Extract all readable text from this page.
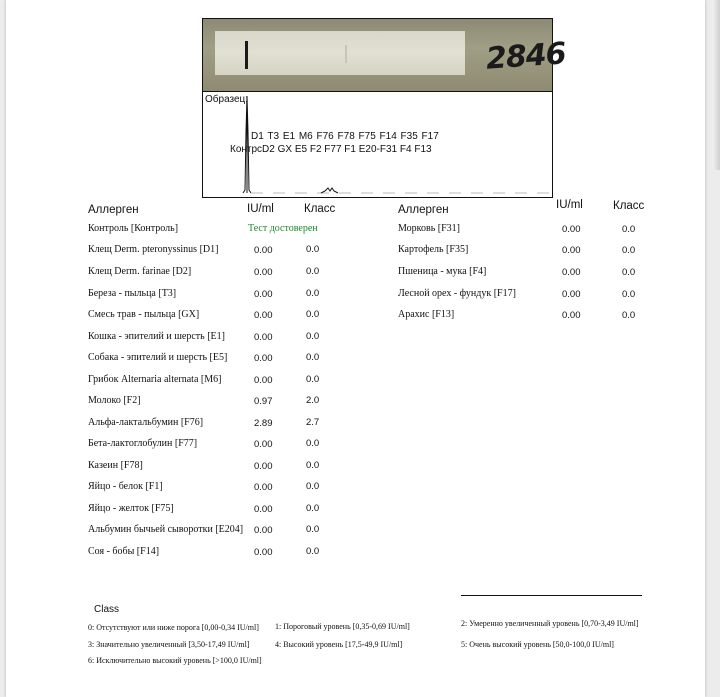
2846
Образец:
D1 T3 E1 M6 F76 F78 F75 F14 F35 F17
КонтрсD2 GX E5 F2 F77 F1 E20-F31 F4 F13
Аллерген	IU/ml	Класс
Контроль [Контроль]	Тест достоверен
Клещ Derm. pteronyssinus [D1]	0.00	0.0
Клещ Derm. farinae [D2]	0.00	0.0
Береза - пыльца [T3]	0.00	0.0
Смесь трав - пыльца [GX]	0.00	0.0
Кошка - эпителий и шерсть [E1]	0.00	0.0
Собака - эпителий и шерсть [E5]	0.00	0.0
Грибок Alternaria alternata [M6]	0.00	0.0
Молоко [F2]	0.97	2.0
Альфа-лактальбумин [F76]	2.89	2.7
Бета-лактоглобулин [F77]	0.00	0.0
Казеин [F78]	0.00	0.0
Яйцо - белок [F1]	0.00	0.0
Яйцо - желток [F75]	0.00	0.0
Альбумин бычьей сыворотки [E204] 0.00	0.0
Соя - бобы [F14]	0.00	0.0
Аллерген	IU/ml	Класс
Морковь [F31]	0.00	0.0
Картофель [F35]	0.00	0.0
Пшеница - мука [F4]	0.00	0.0
Лесной орех - фундук [F17]	0.00	0.0
Арахис [F13]	0.00	0.0
Class
0: Отсутствуют или ниже порога [0,00-0,34 IU/ml] 1: Пороговый уровень [0,35-0,69 IU/ml]	2: Умеренно увеличенный уровень [0,70-3,49 IU/ml]
3: Значительно увеличенный [3,50-17,49 IU/ml]	4: Высокий уровень [17,5-49,9 IU/ml]	5: Очень высокий уровень [50,0-100,0 IU/ml]
6: Исключительно высокий уровень [>100,0 IU/ml]
